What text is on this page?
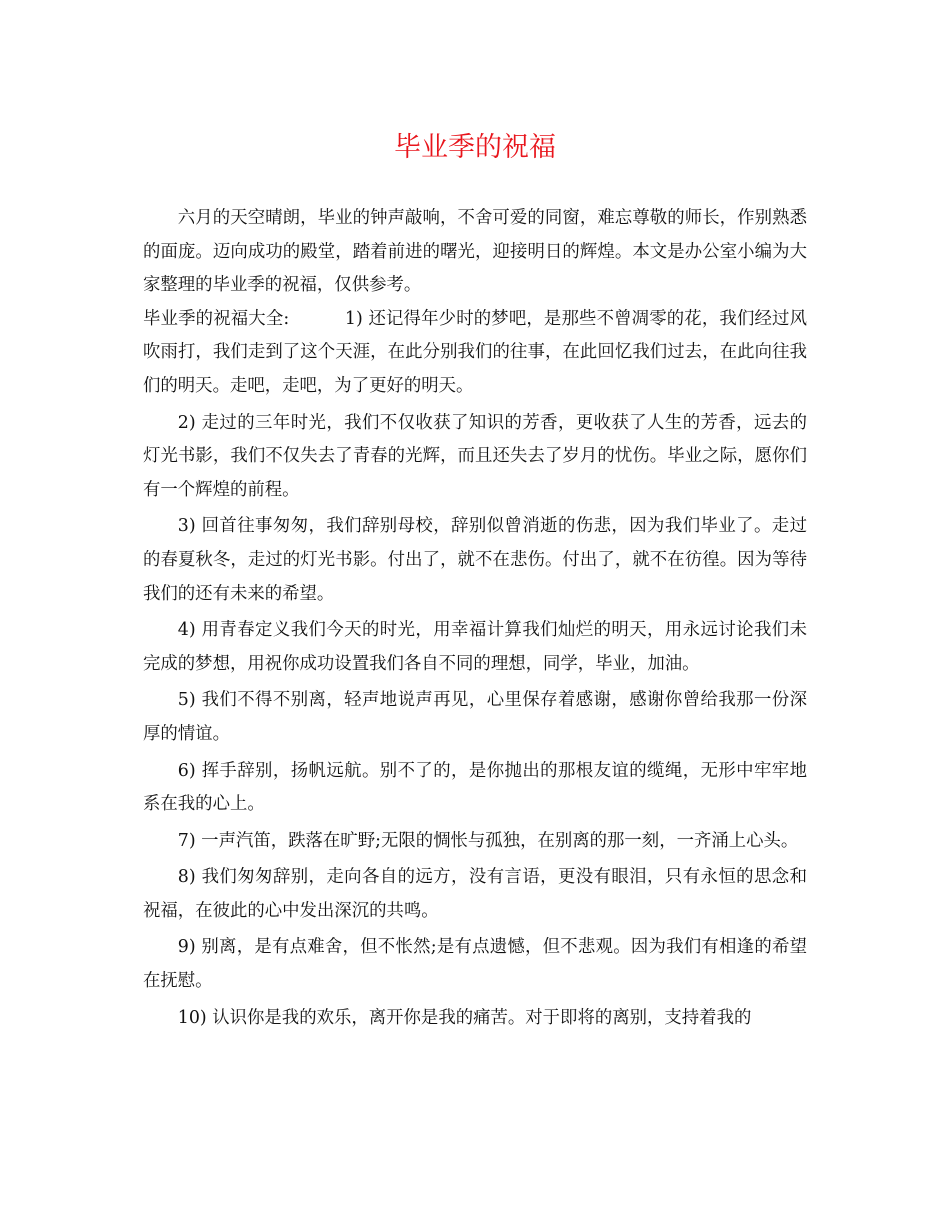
毕业季的祝福

六月的天空晴朗，毕业的钟声敲响，不舍可爱的同窗，难忘尊敬的师长，作别熟悉的面庞。迈向成功的殿堂，踏着前进的曙光，迎接明日的辉煌。本文是办公室小编为大家整理的毕业季的祝福，仅供参考。

毕业季的祝福大全:	1) 还记得年少时的梦吧，是那些不曾凋零的花，我们经过风吹雨打，我们走到了这个天涯，在此分别我们的往事，在此回忆我们过去，在此向往我们的明天。走吧，走吧，为了更好的明天。

2) 走过的三年时光，我们不仅收获了知识的芳香，更收获了人生的芳香，远去的灯光书影，我们不仅失去了青春的光辉，而且还失去了岁月的忧伤。毕业之际，愿你们有一个辉煌的前程。

3) 回首往事匆匆，我们辞别母校，辞别似曾消逝的伤悲，因为我们毕业了。走过的春夏秋冬，走过的灯光书影。付出了，就不在悲伤。付出了，就不在彷徨。因为等待我们的还有未来的希望。

4) 用青春定义我们今天的时光，用幸福计算我们灿烂的明天，用永远讨论我们未完成的梦想，用祝你成功设置我们各自不同的理想，同学，毕业，加油。

5) 我们不得不别离，轻声地说声再见，心里保存着感谢，感谢你曾给我那一份深厚的情谊。

6) 挥手辞别，扬帆远航。别不了的，是你抛出的那根友谊的缆绳，无形中牢牢地系在我的心上。

7) 一声汽笛，跌落在旷野;无限的惆怅与孤独，在别离的那一刻，一齐涌上心头。

8) 我们匆匆辞别，走向各自的远方，没有言语，更没有眼泪，只有永恒的思念和祝福，在彼此的心中发出深沉的共鸣。

9) 别离，是有点难舍，但不怅然;是有点遗憾，但不悲观。因为我们有相逢的希望在抚慰。

10) 认识你是我的欢乐，离开你是我的痛苦。对于即将的离别，支持着我的
